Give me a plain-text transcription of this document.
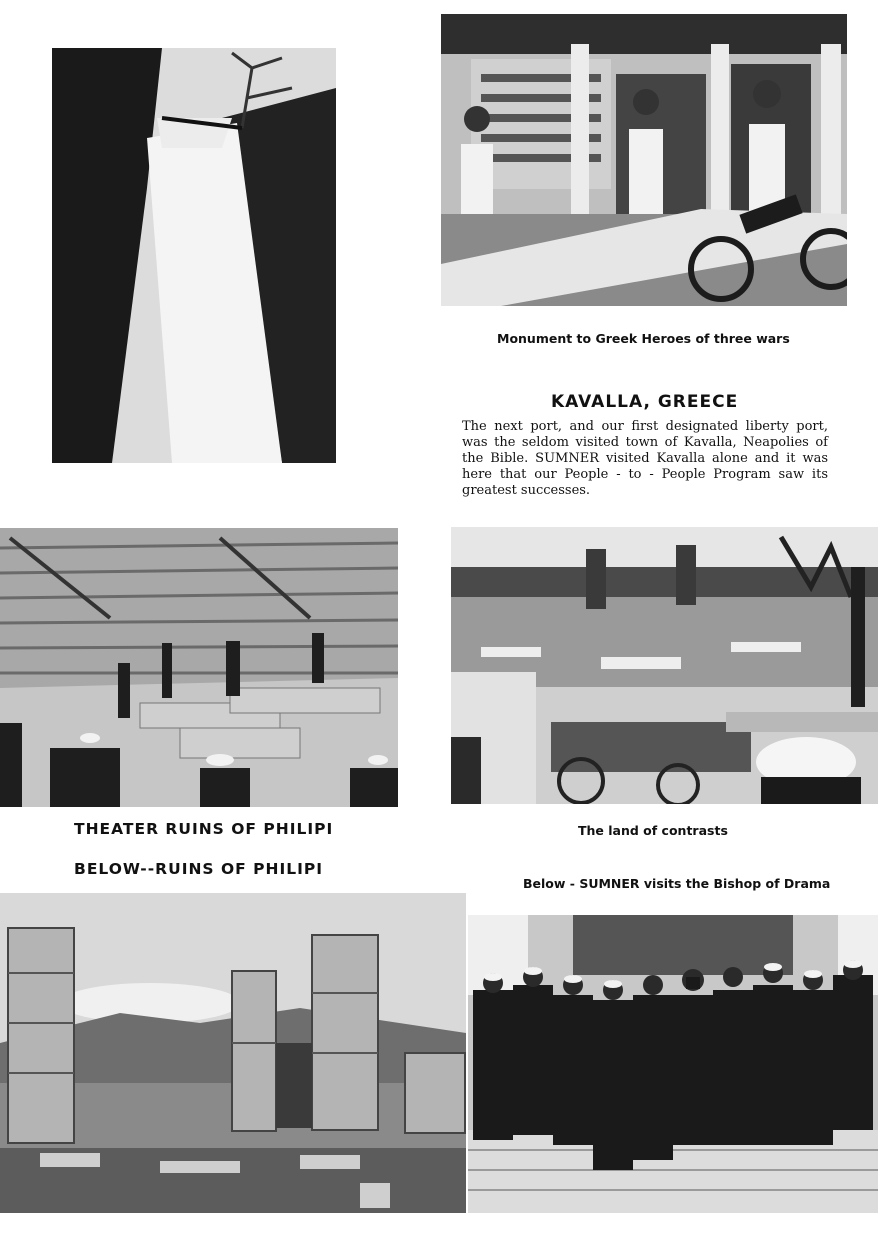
Monument to Greek Heroes of three wars
KAVALLA, GREECE
The next port, and our first designated liberty port, was the seldom visited town of Kavalla, Neapolies of the Bible. SUMNER visited Kavalla alone and it was here that our People - to - People Program saw its greatest successes.
THEATER RUINS OF PHILIPI
BELOW--RUINS OF PHILIPI
The land of contrasts
Below - SUMNER visits the Bishop of Drama
